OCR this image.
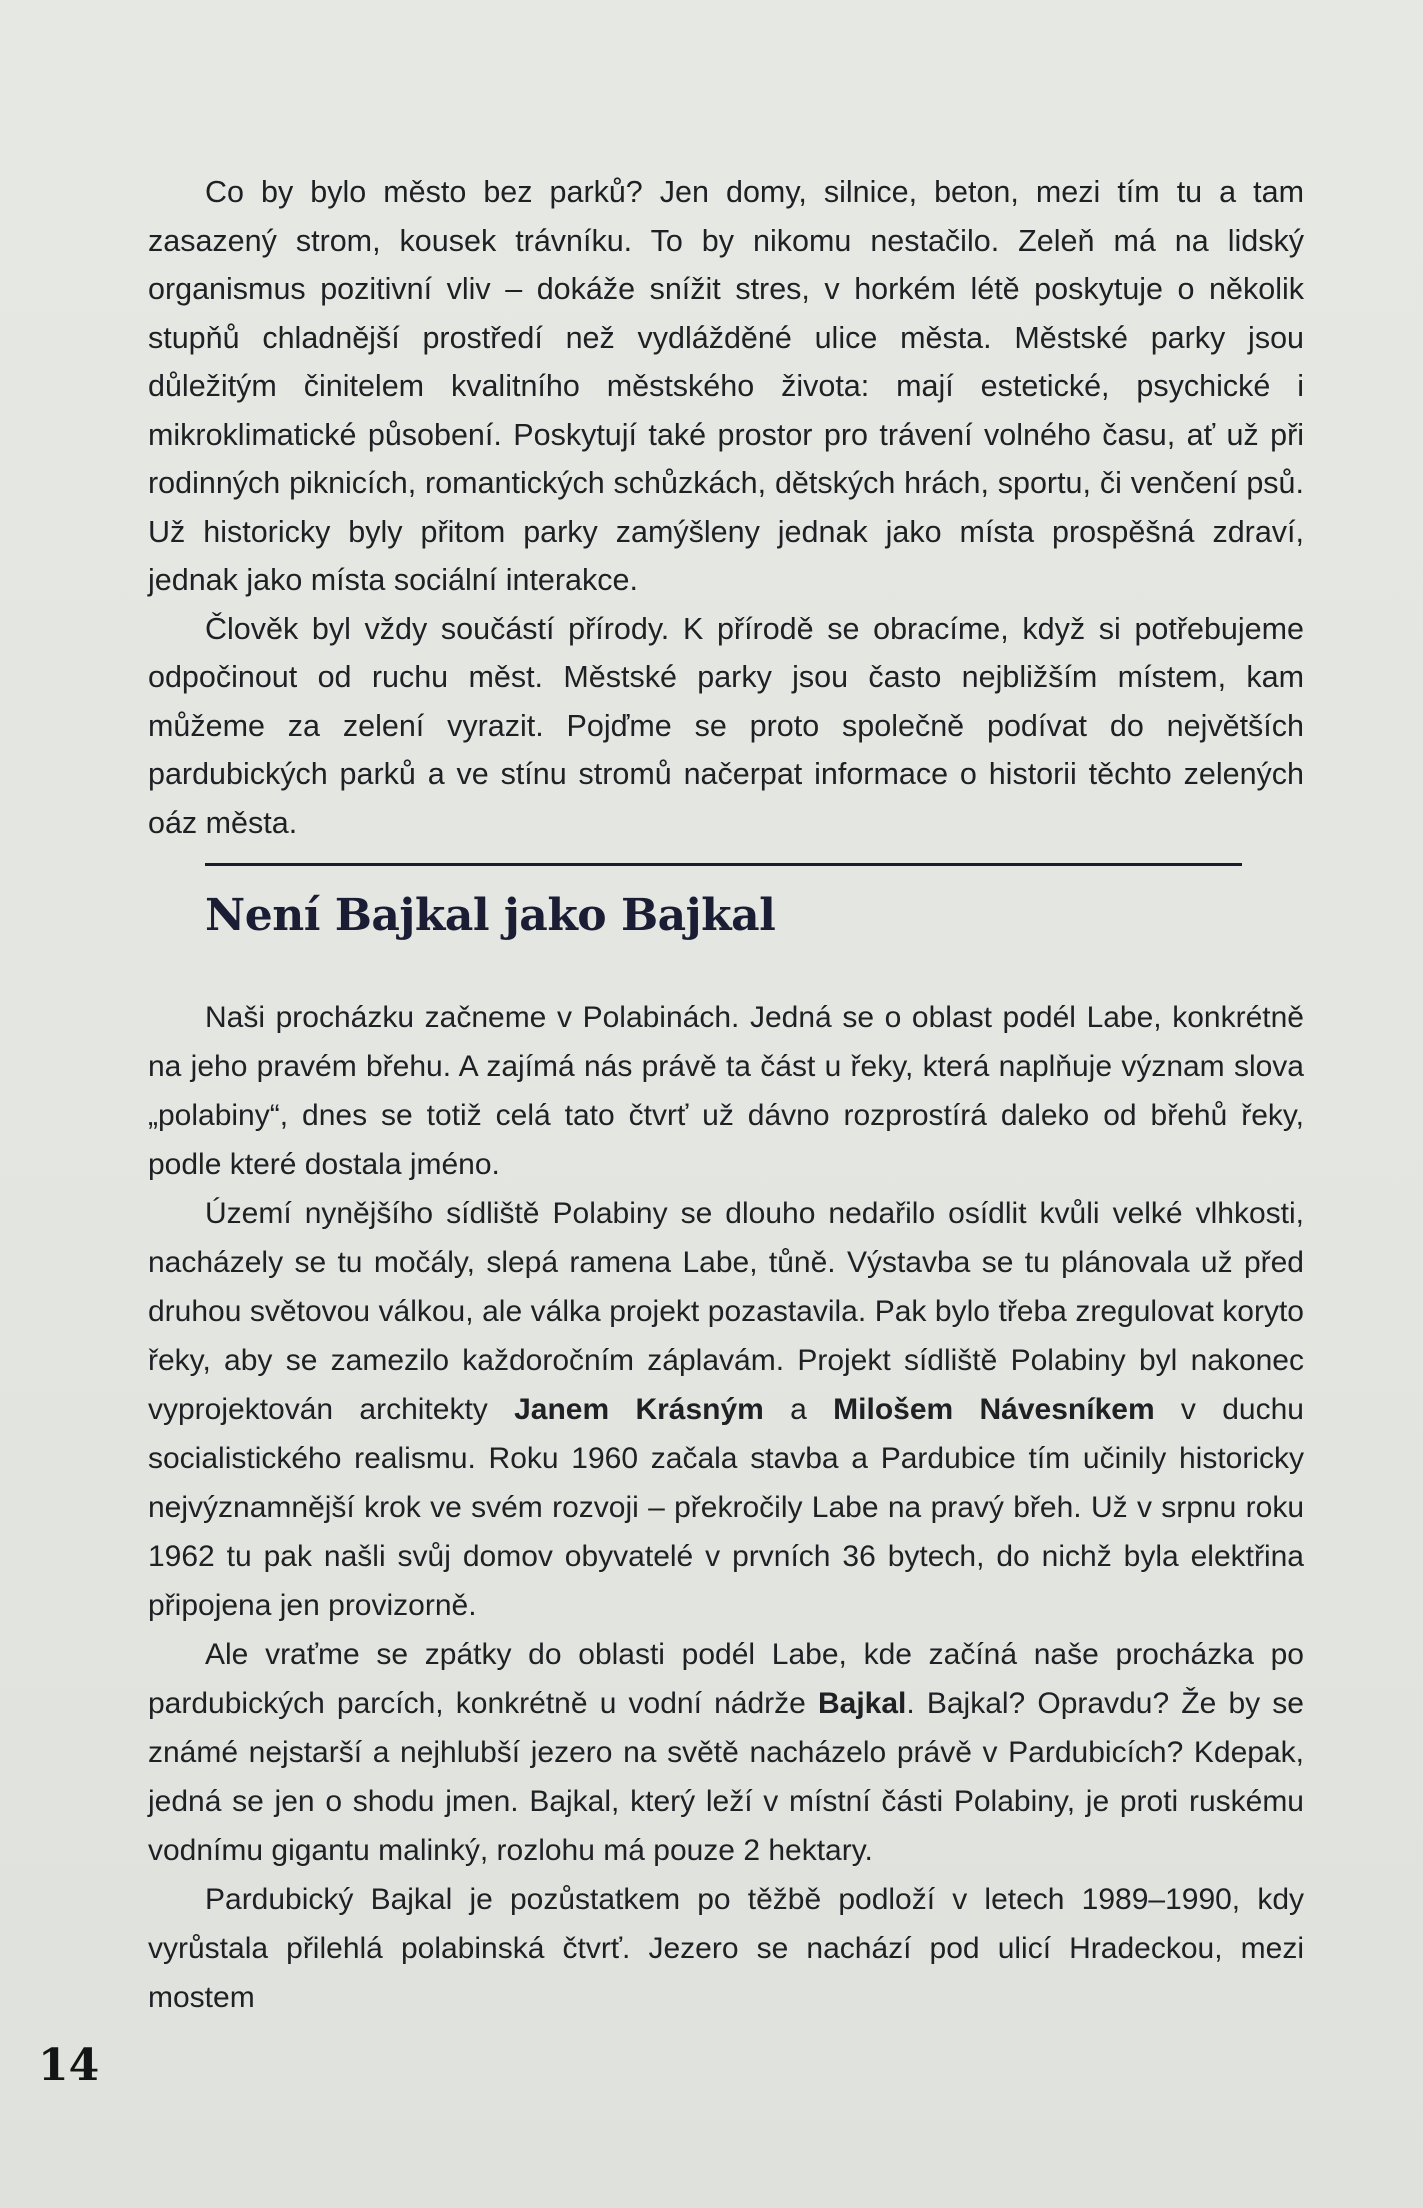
Co by bylo město bez parků? Jen domy, silnice, beton, mezi tím tu a tam zasazený strom, kousek trávníku. To by nikomu nestačilo. Zeleň má na lidský organismus pozitivní vliv – dokáže snížit stres, v horkém létě poskytuje o několik stupňů chladnější prostředí než vydlážděné ulice města. Městské parky jsou důležitým činitelem kvalitního městského života: mají estetické, psychické i mikroklimatické působení. Poskytují také prostor pro trávení volného času, ať už při rodinných piknicích, romantických schůzkách, dětských hrách, sportu, či venčení psů. Už historicky byly přitom parky zamýšleny jednak jako místa prospěšná zdraví, jednak jako místa sociální interakce.

Člověk byl vždy součástí přírody. K přírodě se obracíme, když si potřebujeme odpočinout od ruchu měst. Městské parky jsou často nejbližším místem, kam můžeme za zelení vyrazit. Pojďme se proto společně podívat do největších pardubických parků a ve stínu stromů načerpat informace o historii těchto zelených oáz města.

Není Bajkal jako Bajkal

Naši procházku začneme v Polabinách. Jedná se o oblast podél Labe, konkrétně na jeho pravém břehu. A zajímá nás právě ta část u řeky, která naplňuje význam slova „polabiny“, dnes se totiž celá tato čtvrť už dávno rozprostírá daleko od břehů řeky, podle které dostala jméno.

Území nynějšího sídliště Polabiny se dlouho nedařilo osídlit kvůli velké vlhkosti, nacházely se tu močály, slepá ramena Labe, tůně. Výstavba se tu plánovala už před druhou světovou válkou, ale válka projekt pozastavila. Pak bylo třeba zregulovat koryto řeky, aby se zamezilo každoročním záplavám. Projekt sídliště Polabiny byl nakonec vyprojektován architekty Janem Krásným a Milošem Návesníkem v duchu socialistického realismu. Roku 1960 začala stavba a Pardubice tím učinily historicky nejvýznamnější krok ve svém rozvoji – překročily Labe na pravý břeh. Už v srpnu roku 1962 tu pak našli svůj domov obyvatelé v prvních 36 bytech, do nichž byla elektřina připojena jen provizorně.

Ale vraťme se zpátky do oblasti podél Labe, kde začíná naše procházka po pardubických parcích, konkrétně u vodní nádrže Bajkal. Bajkal? Opravdu? Že by se známé nejstarší a nejhlubší jezero na světě nacházelo právě v Pardubicích? Kdepak, jedná se jen o shodu jmen. Bajkal, který leží v místní části Polabiny, je proti ruskému vodnímu gigantu malinký, rozlohu má pouze 2 hektary.

Pardubický Bajkal je pozůstatkem po těžbě podloží v letech 1989–1990, kdy vyrůstala přilehlá polabinská čtvrť. Jezero se nachází pod ulicí Hradeckou, mezi mostem

14
